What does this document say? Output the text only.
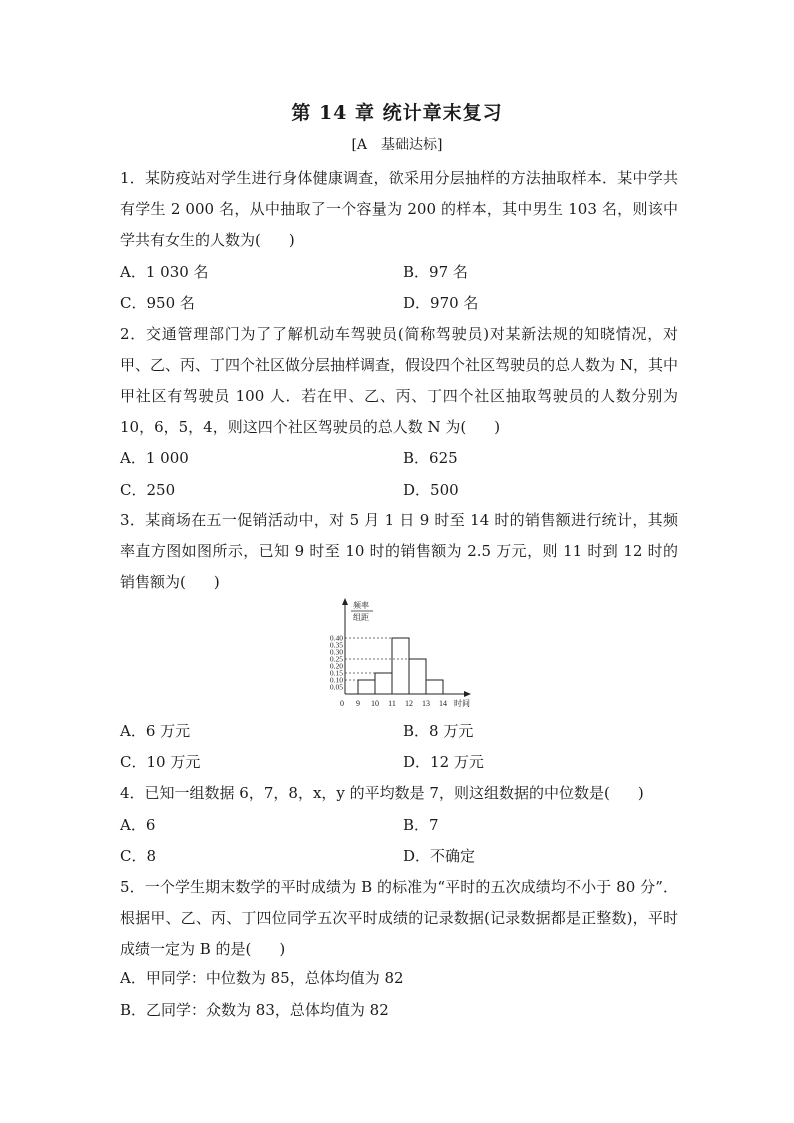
第 14 章 统计章末复习
[A　基础达标]
1．某防疫站对学生进行身体健康调查，欲采用分层抽样的方法抽取样本．某中学共有学生 2 000 名，从中抽取了一个容量为 200 的样本，其中男生 103 名，则该中学共有女生的人数为( )
A．1 030 名	B．97 名
C．950 名	D．970 名
2．交通管理部门为了了解机动车驾驶员(简称驾驶员)对某新法规的知晓情况，对甲、乙、丙、丁四个社区做分层抽样调查，假设四个社区驾驶员的总人数为 N，其中甲社区有驾驶员 100 人．若在甲、乙、丙、丁四个社区抽取驾驶员的人数分别为 10，6，5，4，则这四个社区驾驶员的总人数 N 为( )
A．1 000	B．625
C．250	D．500
3．某商场在五一促销活动中，对 5 月 1 日 9 时至 14 时的销售额进行统计，其频率直方图如图所示，已知 9 时至 10 时的销售额为 2.5 万元，则 11 时到 12 时的销售额为( )
0.05
0.10
0.15
0.20
0.25
0.30
0.35
0.40
0 9 10 11 12 13 14 时间
频率
组距
A．6 万元	B．8 万元
C．10 万元	D．12 万元
4．已知一组数据 6，7，8，x，y 的平均数是 7，则这组数据的中位数是( )
A．6	B．7
C．8	D．不确定
5．一个学生期末数学的平时成绩为 B 的标准为“平时的五次成绩均不小于 80 分”．根据甲、乙、丙、丁四位同学五次平时成绩的记录数据(记录数据都是正整数)，平时成绩一定为 B 的是( )
A．甲同学：中位数为 85，总体均值为 82
B．乙同学：众数为 83，总体均值为 82
